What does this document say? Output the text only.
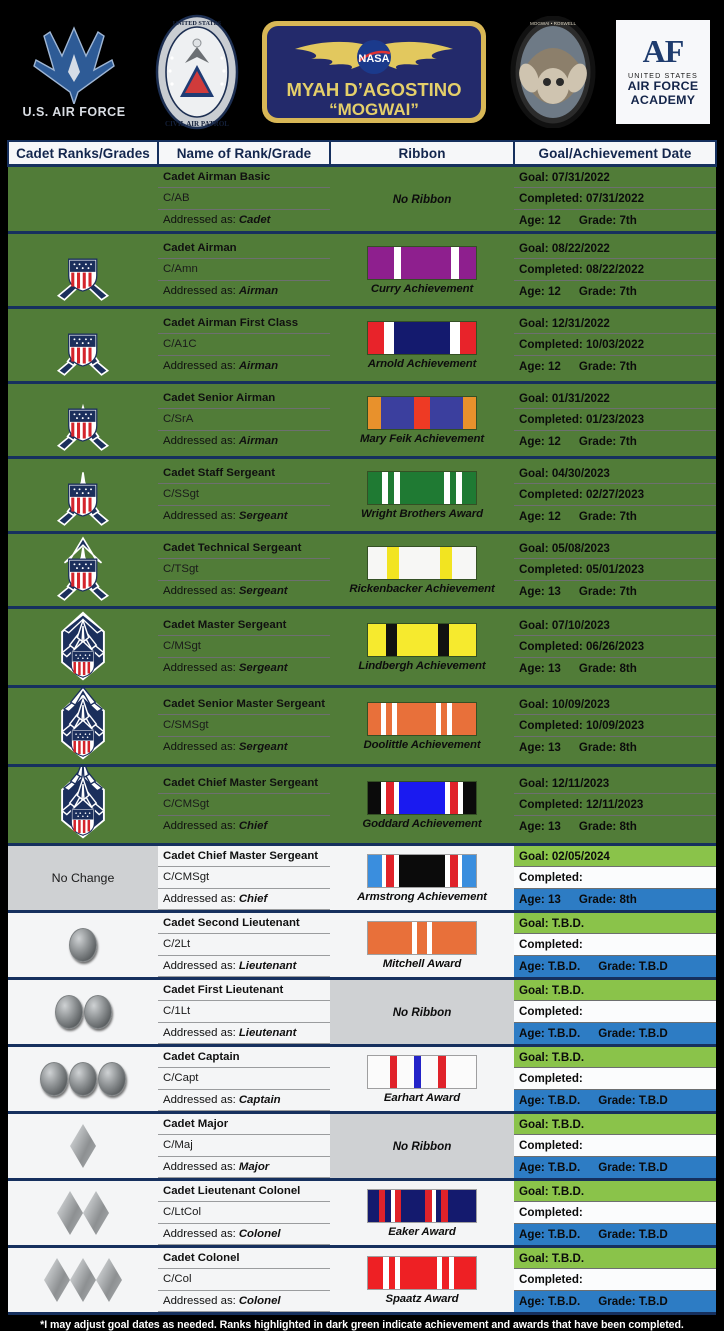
U.S. AIR FORCE
UNITED STATES
CIVIL AIR PATROL
NASA
MYAH D’AGOSTINO
“MOGWAI”
MOGWAI • ROSWELL
AF
UNITED STATES
AIR FORCE
ACADEMY
Cadet Ranks/Grades	Name of Rank/Grade	Ribbon	Goal/Achievement Date

Cadet Airman Basic
C/AB
Addressed as: Cadet

No Ribbon

Goal: 07/31/2022
Completed: 07/31/2022
Age: 12	Grade: 7th

Cadet Airman
C/Amn
Addressed as: Airman	Curry Achievement

Goal: 08/22/2022
Completed: 08/22/2022
Age: 12	Grade: 7th

Cadet Airman First Class
C/A1C
Addressed as: Airman	Arnold Achievement

Goal: 12/31/2022
Completed: 10/03/2022
Age: 12	Grade: 7th

Cadet Senior Airman
C/SrA
Addressed as: Airman	Mary Feik Achievement

Goal: 01/31/2022
Completed: 01/23/2023
Age: 12	Grade: 7th

Cadet Staff Sergeant
C/SSgt
Addressed as: Sergeant	Wright Brothers Award

Goal: 04/30/2023
Completed: 02/27/2023
Age: 12	Grade: 7th

Cadet Technical Sergeant
C/TSgt
Addressed as: Sergeant	Rickenbacker Achievement

Goal: 05/08/2023
Completed: 05/01/2023
Age: 13	Grade: 7th

Cadet Master Sergeant
C/MSgt
Addressed as: Sergeant	Lindbergh Achievement

Goal: 07/10/2023
Completed: 06/26/2023
Age: 13	Grade: 8th

Cadet Senior Master Sergeant
C/SMSgt
Addressed as: Sergeant	Doolittle Achievement

Goal: 10/09/2023
Completed: 10/09/2023
Age: 13	Grade: 8th

Cadet Chief Master Sergeant
C/CMSgt
Addressed as: Chief	Goddard Achievement

Goal: 12/11/2023
Completed: 12/11/2023
Age: 13	Grade: 8th

No Change

Cadet Chief Master Sergeant
C/CMSgt
Addressed as: Chief	Armstrong Achievement

Goal: 02/05/2024
Completed:
Age: 13	Grade: 8th

Cadet Second Lieutenant
C/2Lt
Addressed as: Lieutenant	Mitchell Award

Goal: T.B.D.
Completed:
Age: T.B.D.	Grade: T.B.D

Cadet First Lieutenant
C/1Lt
Addressed as: Lieutenant

No Ribbon

Goal: T.B.D.
Completed:
Age: T.B.D.	Grade: T.B.D

Cadet Captain
C/Capt
Addressed as: Captain	Earhart Award

Goal: T.B.D.
Completed:
Age: T.B.D.	Grade: T.B.D

Cadet Major
C/Maj
Addressed as: Major

No Ribbon

Goal: T.B.D.
Completed:
Age: T.B.D.	Grade: T.B.D

Cadet Lieutenant Colonel
C/LtCol
Addressed as: Colonel	Eaker Award

Goal: T.B.D.
Completed:
Age: T.B.D.	Grade: T.B.D

Cadet Colonel
C/Col
Addressed as: Colonel	Spaatz Award

Goal: T.B.D.
Completed:
Age: T.B.D.	Grade: T.B.D
*I may adjust goal dates as needed. Ranks highlighted in dark green indicate achievement and awards that have been completed.
